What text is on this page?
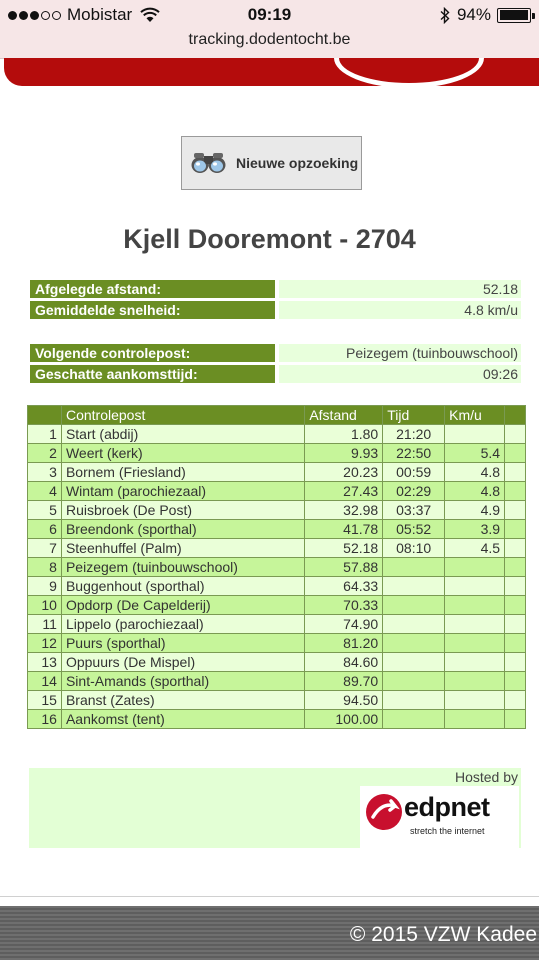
Mobistar	09:19	94%
tracking.dodentocht.be
Nieuwe opzoeking
Kjell Dooremont - 2704
Afgelegde afstand:	52.18
Gemiddelde snelheid:	4.8 km/u
Volgende controlepost:	Peizegem (tuinbouwschool)
Geschatte aankomsttijd:	09:26
	Controlepost	Afstand	Tijd	Km/u	
1	Start (abdij)	1.80	21:20		
2	Weert (kerk)	9.93	22:50	5.4	
3	Bornem (Friesland)	20.23	00:59	4.8	
4	Wintam (parochiezaal)	27.43	02:29	4.8	
5	Ruisbroek (De Post)	32.98	03:37	4.9	
6	Breendonk (sporthal)	41.78	05:52	3.9	
7	Steenhuffel (Palm)	52.18	08:10	4.5	
8	Peizegem (tuinbouwschool)	57.88			
9	Buggenhout (sporthal)	64.33			
10	Opdorp (De Capelderij)	70.33			
11	Lippelo (parochiezaal)	74.90			
12	Puurs (sporthal)	81.20			
13	Oppuurs (De Mispel)	84.60			
14	Sint-Amands (sporthal)	89.70			
15	Branst (Zates)	94.50			
16	Aankomst (tent)	100.00			
Hosted by
edpnet
stretch the internet
© 2015 VZW Kadee
